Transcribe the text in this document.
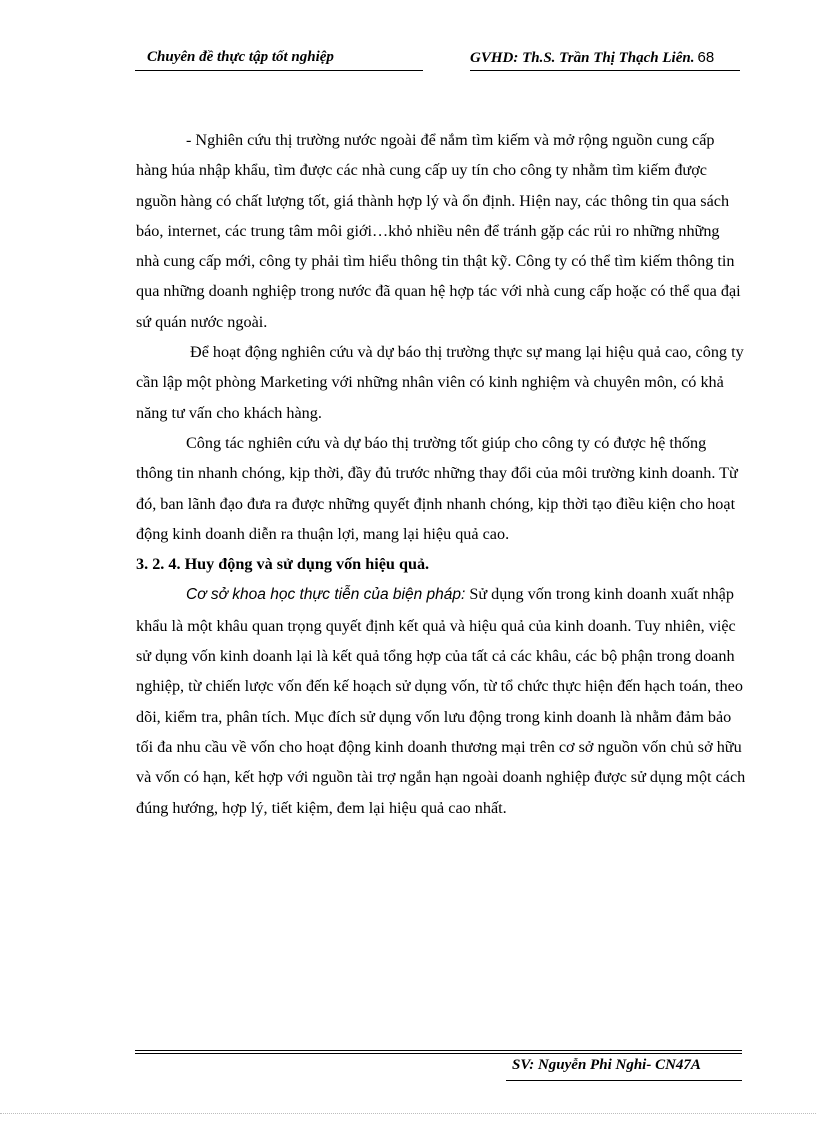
Chuyên đề thực tập tốt nghiệp	GVHD: Th.S. Trần Thị Thạch Liên. 68

- Nghiên cứu thị trường nước ngoài để nắm tìm kiếm và mở rộng nguồn cung cấp hàng húa nhập khẩu, tìm được các nhà cung cấp uy tín cho công ty nhằm tìm kiếm được nguồn hàng có chất lượng tốt, giá thành hợp lý và ổn định. Hiện nay, các thông tin qua sách báo, internet, các trung tâm môi giới…khỏ nhiều nên để tránh gặp các rủi ro những những nhà cung cấp mới, công ty phải tìm hiểu thông tin thật kỹ. Công ty có thể tìm kiếm thông tin qua những doanh nghiệp trong nước đã quan hệ hợp tác với nhà cung cấp hoặc có thể qua đại sứ quán nước ngoài.

Để hoạt động nghiên cứu và dự báo thị trường thực sự mang lại hiệu quả cao, công ty cần lập một phòng Marketing với những nhân viên có kinh nghiệm và chuyên môn, có khả năng tư vấn cho khách hàng.

Công tác nghiên cứu và dự báo thị trường tốt giúp cho công ty có được hệ thống thông tin nhanh chóng, kịp thời, đầy đủ trước những thay đổi của môi trường kinh doanh. Từ đó, ban lãnh đạo đưa ra được những quyết định nhanh chóng, kịp thời tạo điều kiện cho hoạt động kinh doanh diễn ra thuận lợi, mang lại hiệu quả cao.

3. 2. 4. Huy động và sử dụng vốn hiệu quả.

Cơ sở khoa học thực tiễn của biện pháp: Sử dụng vốn trong kinh doanh xuất nhập khẩu là một khâu quan trọng quyết định kết quả và hiệu quả của kinh doanh. Tuy nhiên, việc sử dụng vốn kinh doanh lại là kết quả tổng hợp của tất cả các khâu, các bộ phận trong doanh nghiệp, từ chiến lược vốn đến kế hoạch sử dụng vốn, từ tổ chức thực hiện đến hạch toán, theo dõi, kiểm tra, phân tích. Mục đích sử dụng vốn lưu động trong kinh doanh là nhằm đảm bảo tối đa nhu cầu về vốn cho hoạt động kinh doanh thương mại trên cơ sở nguồn vốn chủ sở hữu và vốn có hạn, kết hợp với nguồn tài trợ ngắn hạn ngoài doanh nghiệp được sử dụng một cách đúng hướng, hợp lý, tiết kiệm, đem lại hiệu quả cao nhất.

SV: Nguyễn Phi Nghi- CN47A
